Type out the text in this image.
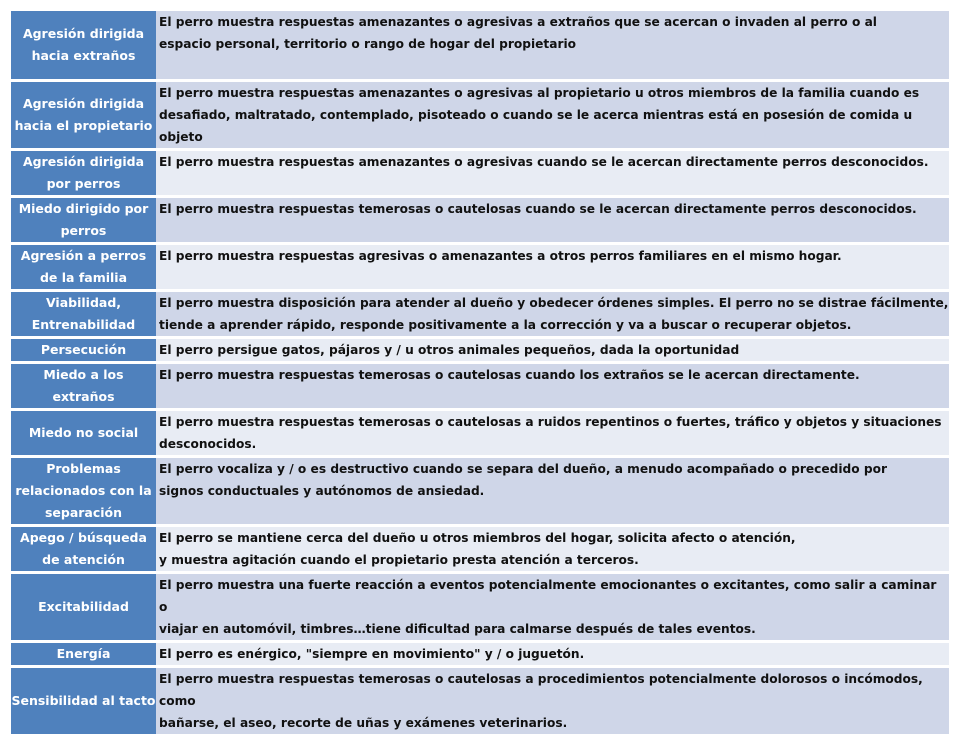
Agresión dirigida hacia extraños	El perro muestra respuestas amenazantes o agresivas a extraños que se acercan o invaden al perro o al
espacio personal, territorio o rango de hogar del propietario
Agresión dirigida hacia el propietario	El perro muestra respuestas amenazantes o agresivas al propietario u otros miembros de la familia cuando es
desafiado, maltratado, contemplado, pisoteado o cuando se le acerca mientras está en posesión de comida u objeto
Agresión dirigida por perros	El perro muestra respuestas amenazantes o agresivas cuando se le acercan directamente perros desconocidos.
Miedo dirigido por perros	El perro muestra respuestas temerosas o cautelosas cuando se le acercan directamente perros desconocidos.
Agresión a perros de la familia	El perro muestra respuestas agresivas o amenazantes a otros perros familiares en el mismo hogar.
Viabilidad, Entrenabilidad	El perro muestra disposición para atender al dueño y obedecer órdenes simples. El perro no se distrae fácilmente,
tiende a aprender rápido, responde positivamente a la corrección y va a buscar o recuperar objetos.
Persecución	El perro persigue gatos, pájaros y / u otros animales pequeños, dada la oportunidad
Miedo a los extraños	El perro muestra respuestas temerosas o cautelosas cuando los extraños se le acercan directamente.
Miedo no social	El perro muestra respuestas temerosas o cautelosas a ruidos repentinos o fuertes, tráfico y objetos y situaciones
desconocidos.
Problemas relacionados con la separación	El perro vocaliza y / o es destructivo cuando se separa del dueño, a menudo acompañado o precedido por
signos conductuales y autónomos de ansiedad.
Apego / búsqueda de atención	El perro se mantiene cerca del dueño u otros miembros del hogar, solicita afecto o atención,
y muestra agitación cuando el propietario presta atención a terceros.
Excitabilidad	El perro muestra una fuerte reacción a eventos potencialmente emocionantes o excitantes, como salir a caminar o
viajar en automóvil, timbres…tiene dificultad para calmarse después de tales eventos.
Energía	El perro es enérgico, "siempre en movimiento" y / o juguetón.
Sensibilidad al tacto	El perro muestra respuestas temerosas o cautelosas a procedimientos potencialmente dolorosos o incómodos, como
bañarse, el aseo, recorte de uñas y exámenes veterinarios.
